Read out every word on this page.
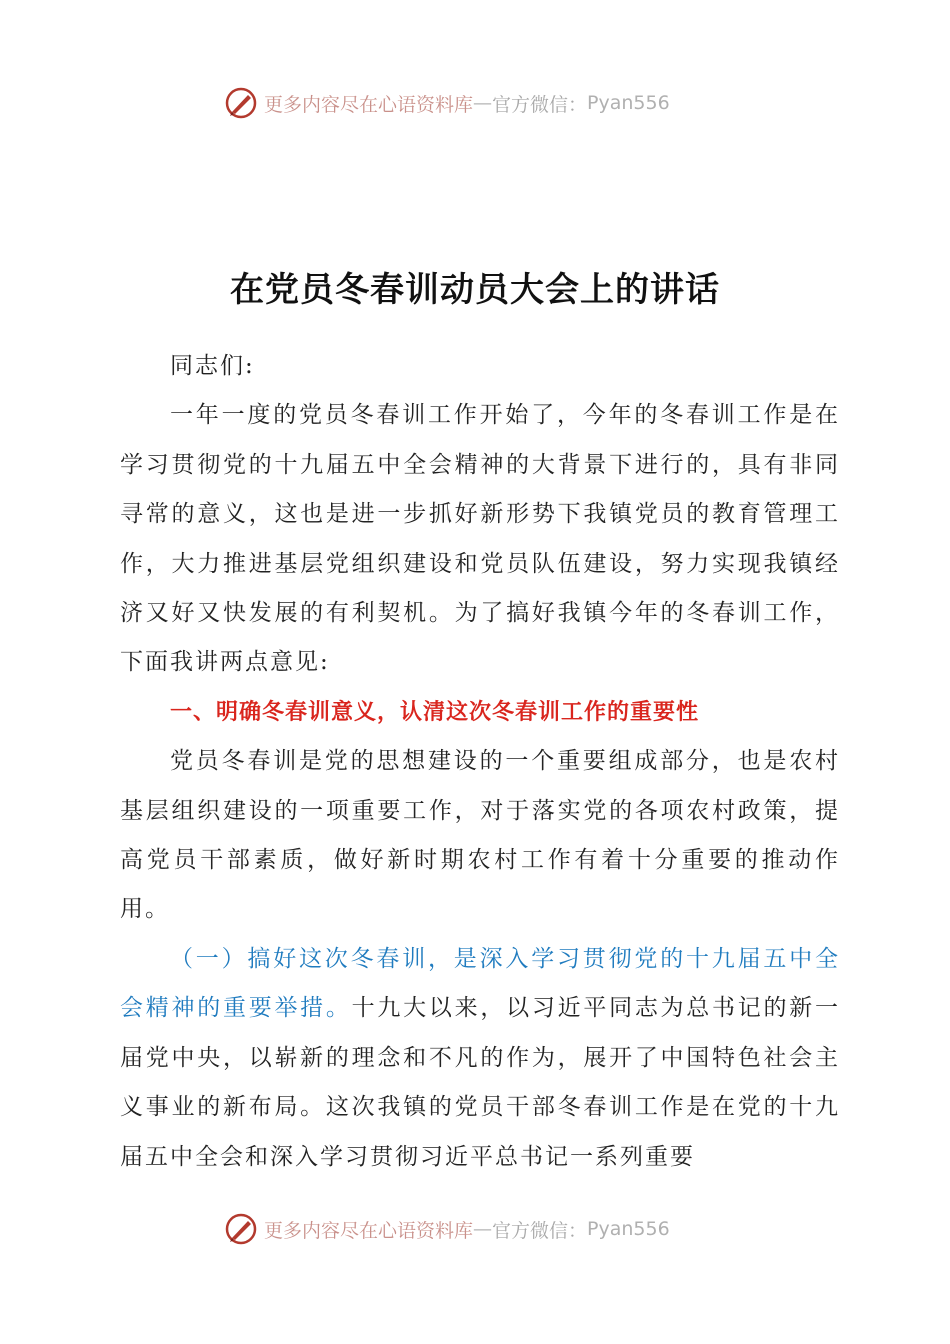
更多内容尽在心语资料库 — 官方微信： Pyan556
在党员冬春训动员大会上的讲话

同志们:

一年一度的党员冬春训工作开始了，今年的冬春训工作是在学习贯彻党的十九届五中全会精神的大背景下进行的，具有非同寻常的意义，这也是进一步抓好新形势下我镇党员的教育管理工作，大力推进基层党组织建设和党员队伍建设，努力实现我镇经济又好又快发展的有利契机。为了搞好我镇今年的冬春训工作，下面我讲两点意见:

一、明确冬春训意义，认清这次冬春训工作的重要性

党员冬春训是党的思想建设的一个重要组成部分，也是农村基层组织建设的一项重要工作，对于落实党的各项农村政策，提高党员干部素质，做好新时期农村工作有着十分重要的推动作用。

（一）搞好这次冬春训，是深入学习贯彻党的十九届五中全会精神的重要举措。十九大以来，以习近平同志为总书记的新一届党中央，以崭新的理念和不凡的作为，展开了中国特色社会主义事业的新布局。这次我镇的党员干部冬春训工作是在党的十九届五中全会和深入学习贯彻习近平总书记一系列重要

更多内容尽在心语资料库 — 官方微信： Pyan556
